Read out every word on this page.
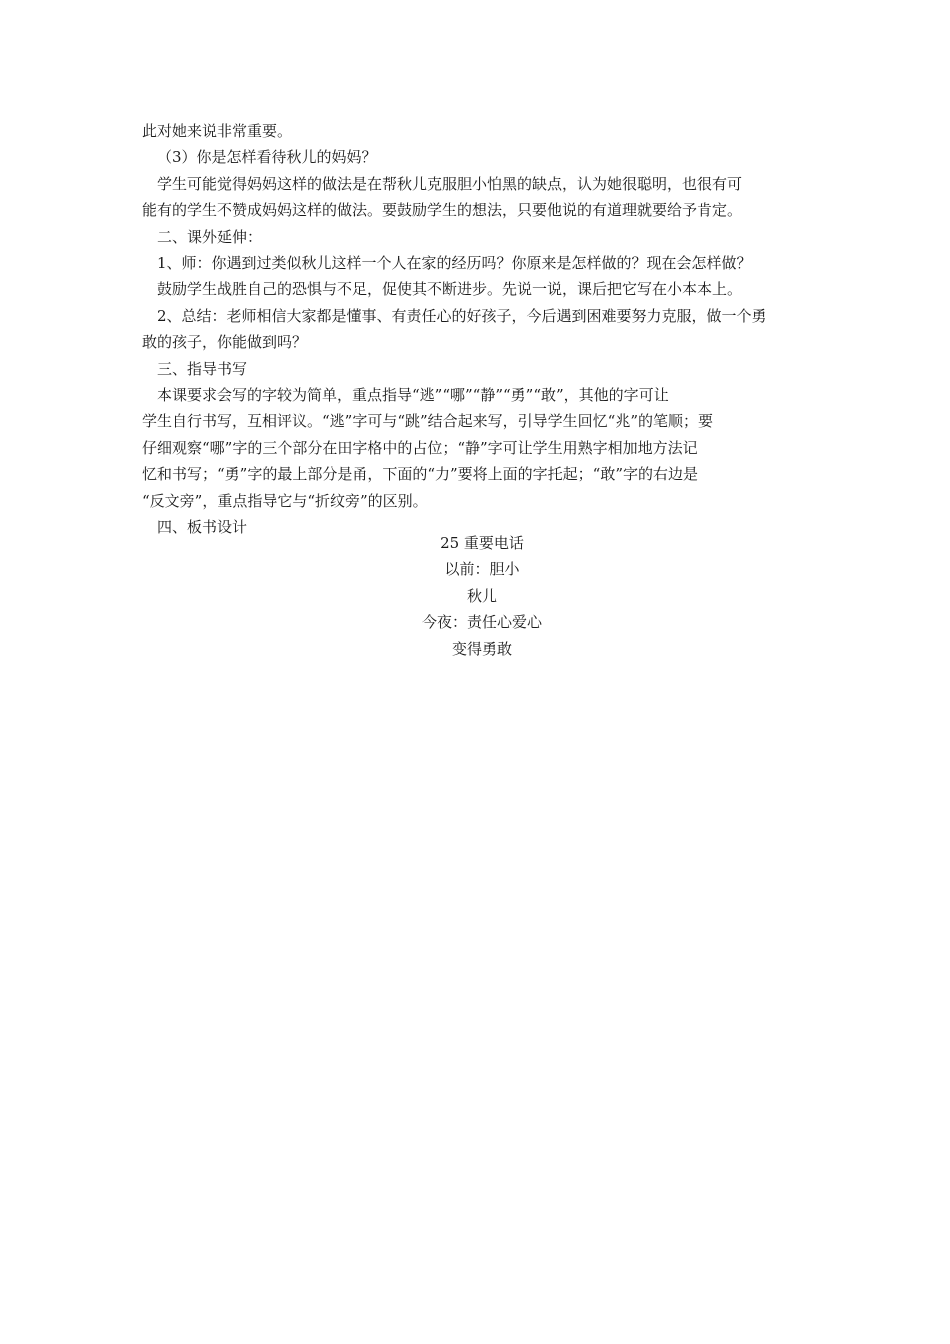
此对她来说非常重要。

（3）你是怎样看待秋儿的妈妈？

学生可能觉得妈妈这样的做法是在帮秋儿克服胆小怕黑的缺点，认为她很聪明，也很有可

能有的学生不赞成妈妈这样的做法。要鼓励学生的想法，只要他说的有道理就要给予肯定。

二、课外延伸：

1、师：你遇到过类似秋儿这样一个人在家的经历吗？你原来是怎样做的？现在会怎样做？

鼓励学生战胜自己的恐惧与不足，促使其不断进步。先说一说，课后把它写在小本本上。

2、总结：老师相信大家都是懂事、有责任心的好孩子，今后遇到困难要努力克服，做一个勇

敢的孩子，你能做到吗？

三、指导书写

本课要求会写的字较为简单，重点指导“逃”“哪”“静”“勇”“敢”，其他的字可让

学生自行书写，互相评议。“逃”字可与“跳”结合起来写，引导学生回忆“兆”的笔顺；要

仔细观察“哪”字的三个部分在田字格中的占位；“静”字可让学生用熟字相加地方法记

忆和书写；“勇”字的最上部分是甬，下面的“力”要将上面的字托起；“敢”字的右边是

“反文旁”，重点指导它与“折纹旁”的区别。

四、板书设计

25 重要电话

以前：胆小

秋儿

今夜：责任心爱心

变得勇敢
